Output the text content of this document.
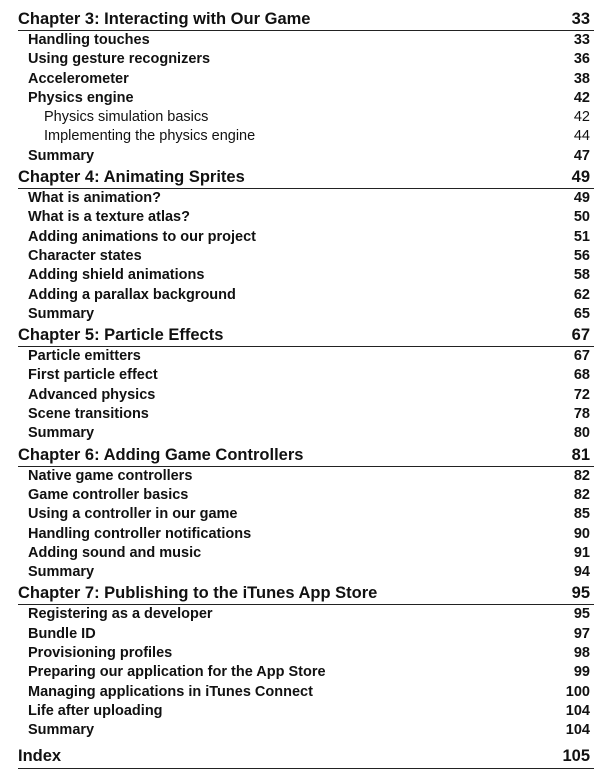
Chapter 3: Interacting with Our Game	33
Handling touches	33
Using gesture recognizers	36
Accelerometer	38
Physics engine	42
Physics simulation basics	42
Implementing the physics engine	44
Summary	47
Chapter 4: Animating Sprites	49
What is animation?	49
What is a texture atlas?	50
Adding animations to our project	51
Character states	56
Adding shield animations	58
Adding a parallax background	62
Summary	65
Chapter 5: Particle Effects	67
Particle emitters	67
First particle effect	68
Advanced physics	72
Scene transitions	78
Summary	80
Chapter 6: Adding Game Controllers	81
Native game controllers	82
Game controller basics	82
Using a controller in our game	85
Handling controller notifications	90
Adding sound and music	91
Summary	94
Chapter 7: Publishing to the iTunes App Store	95
Registering as a developer	95
Bundle ID	97
Provisioning profiles	98
Preparing our application for the App Store	99
Managing applications in iTunes Connect	100
Life after uploading	104
Summary	104
Index	105
